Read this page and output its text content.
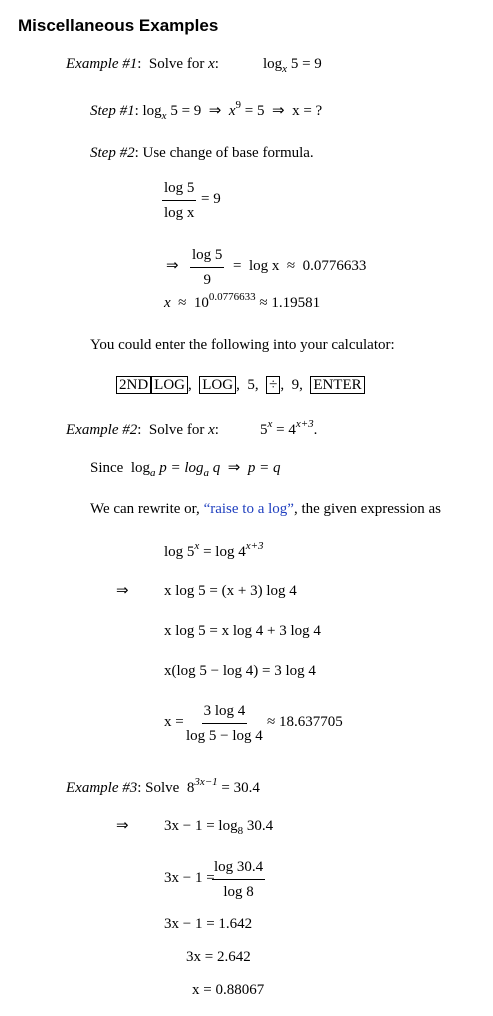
Miscellaneous Examples
Example #1:  Solve for x:	$\log_x 5 = 9$
Step #1: $\log_x 5 = 9$ ⇒ $x^9 = 5$ ⇒ x = ?
Step #2: Use change of base formula.
$\frac{\log 5}{\text{log x}} = 9$
⇒ $\frac{\log 5}{9} = \log x \approx 0.0776633$
$x \approx 10^{0.0776633} \approx 1.19581$
You could enter the following into your calculator:
2ND LOG , LOG , 5, ÷ , 9, ENTER
Example #2:  Solve for x:	$5^x = 4^{x+3}$.
Since $\log_a p = \log_a q$ ⇒ p = q
We can rewrite or, “raise to a log”, the given expression as
$\log 5^x = \log 4^{x+3}$
⇒ x log 5 = (x + 3) log 4
x log 5 = x log 4 + 3 log 4
x(log 5 − log 4) = 3 log 4
$x = \frac{3 \log 4}{\log 5 - \log 4} \approx 18.637705$
Example #3: Solve $8^{3x-1} = 30.4$
⇒ $3x - 1 = \log_8 30.4$
3x − 1 =
$\frac{\log 30.4}{\log 8}$
3x − 1 = 1.642
3x = 2.642
x = 0.88067
